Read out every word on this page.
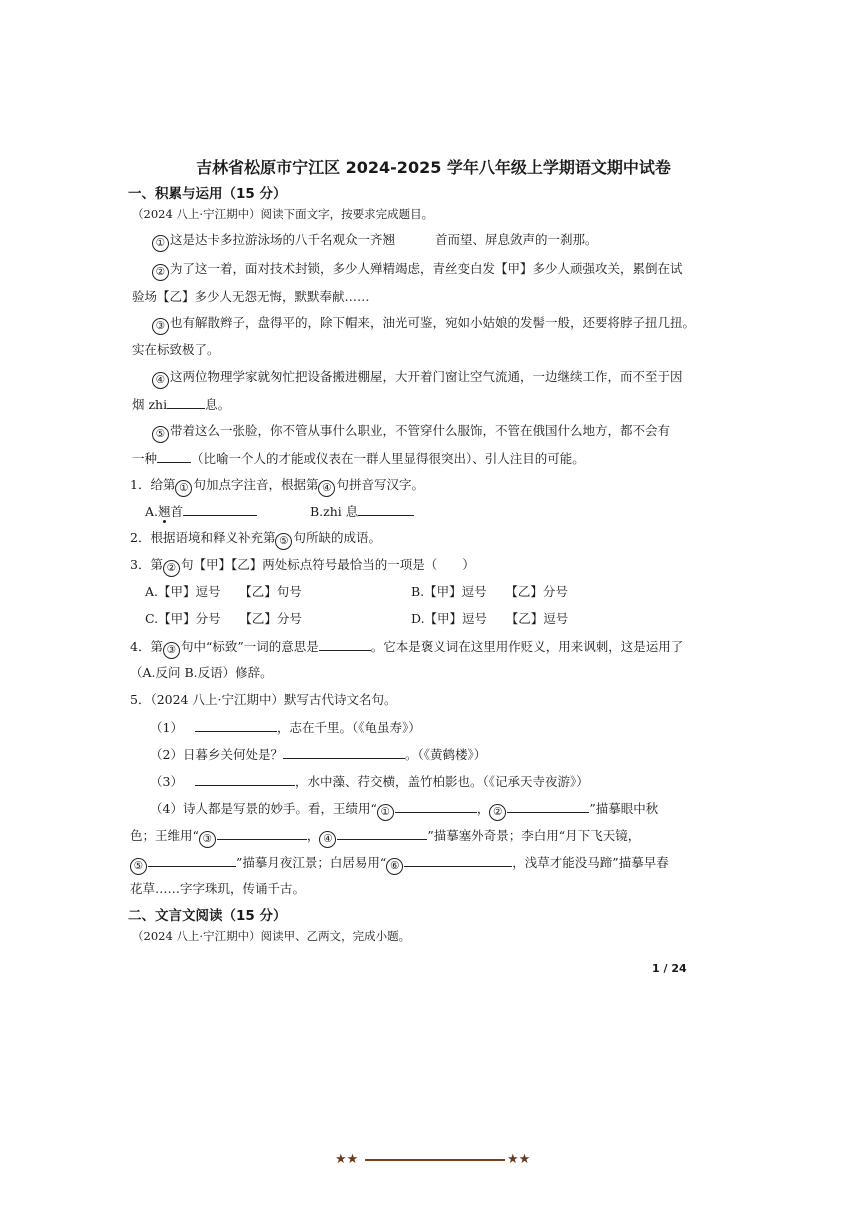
吉林省松原市宁江区 2024-2025 学年八年级上学期语文期中试卷
一、积累与运用（15 分）
（2024 八上·宁江期中）阅读下面文字，按要求完成题目。
① 这是达卡多拉游泳场的八千名观众一齐翘	首而望、屏息敛声的一刹那。
② 为了这一着，面对技术封锁，多少人殚精竭虑，青丝变白发【甲】多少人顽强攻关，累倒在试
验场【乙】多少人无怨无悔，默默奉献……
③ 也有解散辫子，盘得平的，除下帽来，油光可鉴，宛如小姑娘的发髻一般，还要将脖子扭几扭。
实在标致极了。
④ 这两位物理学家就匆忙把设备搬进棚屋，大开着门窗让空气流通，一边继续工作，而不至于因
烟 zhi	息。
⑤ 带着这么一张脸，你不管从事什么职业，不管穿什么服饰，不管在俄国什么地方，都不会有
一种	（比喻一个人的才能或仪表在一群人里显得很突出）、引人注目的可能。
1．给第 ① 句加点字注音，根据第 ④ 句拼音写汉字。
A.翘首	B.zhi 息
2．根据语境和释义补充第 ⑤ 句所缺的成语。
3．第 ② 句【甲】【乙】两处标点符号最恰当的一项是（　　）
A.【甲】逗号　　【乙】句号	B.【甲】逗号　　【乙】分号
C.【甲】分号　　【乙】分号	D.【甲】逗号　　【乙】逗号
4．第 ③ 句中“标致”一词的意思是	。它本是褒义词在这里用作贬义，用来讽刺，这是运用了
（A.反问 B.反语）修辞。
5．（2024 八上·宁江期中）默写古代诗文名句。
（1）	，志在千里。（《龟虽寿》）
（2）日暮乡关何处是？	。（《黄鹤楼》）
（3）	，水中藻、荇交横，盖竹柏影也。（《记承天寺夜游》）
（4）诗人都是写景的妙手。看，王绩用“ ①	， ②	”描摹眼中秋
色；王维用“ ③	， ④	”描摹塞外奇景；李白用“月下飞天镜，
⑤	”描摹月夜江景；白居易用“ ⑥	，浅草才能没马蹄”描摹早春
花草……字字珠玑，传诵千古。
二、文言文阅读（15 分）
（2024 八上·宁江期中）阅读甲、乙两文，完成小题。
1 / 24
★★	★★
